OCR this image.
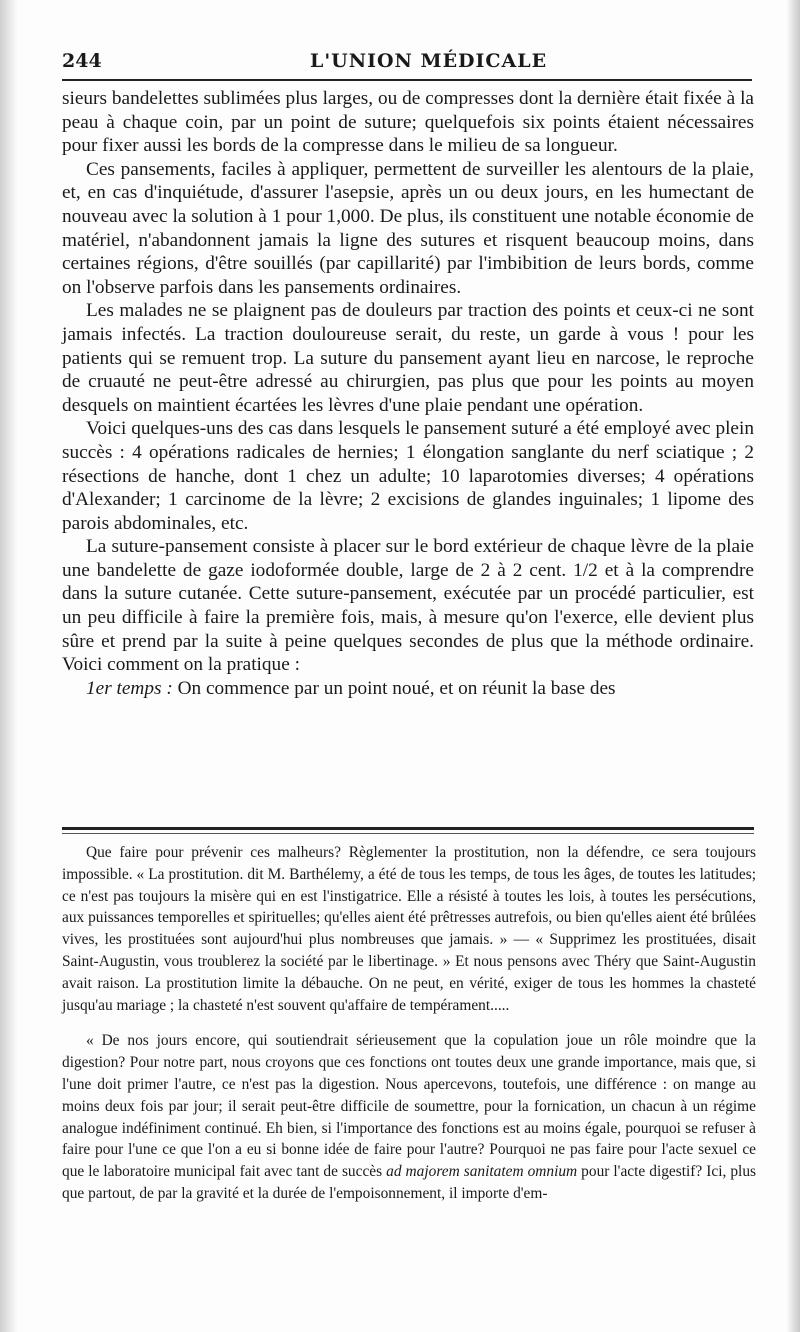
244	L'UNION MÉDICALE

sieurs bandelettes sublimées plus larges, ou de compresses dont la dernière était fixée à la peau à chaque coin, par un point de suture; quelquefois six points étaient nécessaires pour fixer aussi les bords de la compresse dans le milieu de sa longueur.

Ces pansements, faciles à appliquer, permettent de surveiller les alentours de la plaie, et, en cas d'inquiétude, d'assurer l'asepsie, après un ou deux jours, en les humectant de nouveau avec la solution à 1 pour 1,000. De plus, ils constituent une notable économie de matériel, n'abandonnent jamais la ligne des sutures et risquent beaucoup moins, dans certaines régions, d'être souillés (par capillarité) par l'imbibition de leurs bords, comme on l'observe parfois dans les pansements ordinaires.

Les malades ne se plaignent pas de douleurs par traction des points et ceux-ci ne sont jamais infectés. La traction douloureuse serait, du reste, un garde à vous ! pour les patients qui se remuent trop. La suture du pansement ayant lieu en narcose, le reproche de cruauté ne peut-être adressé au chirurgien, pas plus que pour les points au moyen desquels on maintient écartées les lèvres d'une plaie pendant une opération.

Voici quelques-uns des cas dans lesquels le pansement suturé a été employé avec plein succès : 4 opérations radicales de hernies; 1 élongation sanglante du nerf sciatique ; 2 résections de hanche, dont 1 chez un adulte; 10 laparotomies diverses; 4 opérations d'Alexander; 1 carcinome de la lèvre; 2 excisions de glandes inguinales; 1 lipome des parois abdominales, etc.

La suture-pansement consiste à placer sur le bord extérieur de chaque lèvre de la plaie une bandelette de gaze iodoformée double, large de 2 à 2 cent. 1/2 et à la comprendre dans la suture cutanée. Cette suture-pansement, exécutée par un procédé particulier, est un peu difficile à faire la première fois, mais, à mesure qu'on l'exerce, elle devient plus sûre et prend par la suite à peine quelques secondes de plus que la méthode ordinaire. Voici comment on la pratique :

1er temps : On commence par un point noué, et on réunit la base des

Que faire pour prévenir ces malheurs? Règlementer la prostitution, non la défendre, ce sera toujours impossible. « La prostitution. dit M. Barthélemy, a été de tous les temps, de tous les âges, de toutes les latitudes; ce n'est pas toujours la misère qui en est l'instigatrice. Elle a résisté à toutes les lois, à toutes les persécutions, aux puissances temporelles et spirituelles; qu'elles aient été prêtresses autrefois, ou bien qu'elles aient été brûlées vives, les prostituées sont aujourd'hui plus nombreuses que jamais. » — « Supprimez les prostituées, disait Saint-Augustin, vous troublerez la société par le libertinage. » Et nous pensons avec Théry que Saint-Augustin avait raison. La prostitution limite la débauche. On ne peut, en vérité, exiger de tous les hommes la chasteté jusqu'au mariage ; la chasteté n'est souvent qu'affaire de tempérament.....

« De nos jours encore, qui soutiendrait sérieusement que la copulation joue un rôle moindre que la digestion? Pour notre part, nous croyons que ces fonctions ont toutes deux une grande importance, mais que, si l'une doit primer l'autre, ce n'est pas la digestion. Nous apercevons, toutefois, une différence : on mange au moins deux fois par jour; il serait peut-être difficile de soumettre, pour la fornication, un chacun à un régime analogue indéfiniment continué. Eh bien, si l'importance des fonctions est au moins égale, pourquoi se refuser à faire pour l'une ce que l'on a eu si bonne idée de faire pour l'autre? Pourquoi ne pas faire pour l'acte sexuel ce que le laboratoire municipal fait avec tant de succès ad majorem sanitatem omnium pour l'acte digestif? Ici, plus que partout, de par la gravité et la durée de l'empoisonnement, il importe d'em-
